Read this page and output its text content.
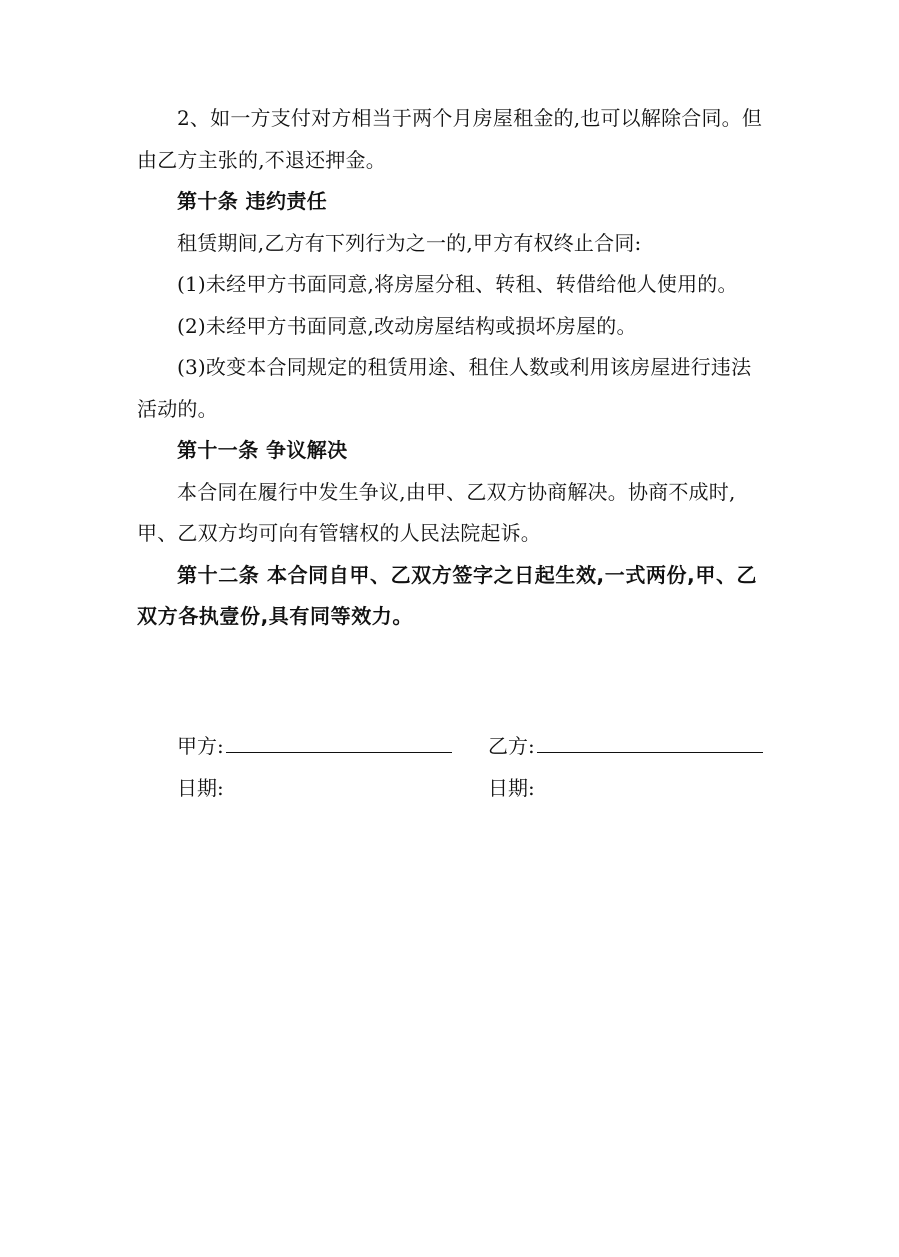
2、如一方支付对方相当于两个月房屋租金的,也可以解除合同。但由乙方主张的,不退还押金。

第十条 违约责任

租赁期间,乙方有下列行为之一的,甲方有权终止合同:

(1)未经甲方书面同意,将房屋分租、转租、转借给他人使用的。

(2)未经甲方书面同意,改动房屋结构或损坏房屋的。

(3)改变本合同规定的租赁用途、租住人数或利用该房屋进行违法活动的。

第十一条 争议解决

本合同在履行中发生争议,由甲、乙双方协商解决。协商不成时,甲、乙双方均可向有管辖权的人民法院起诉。

第十二条 本合同自甲、乙双方签字之日起生效,一式两份,甲、乙双方各执壹份,具有同等效力。

甲方:
日期:
乙方:
日期:
